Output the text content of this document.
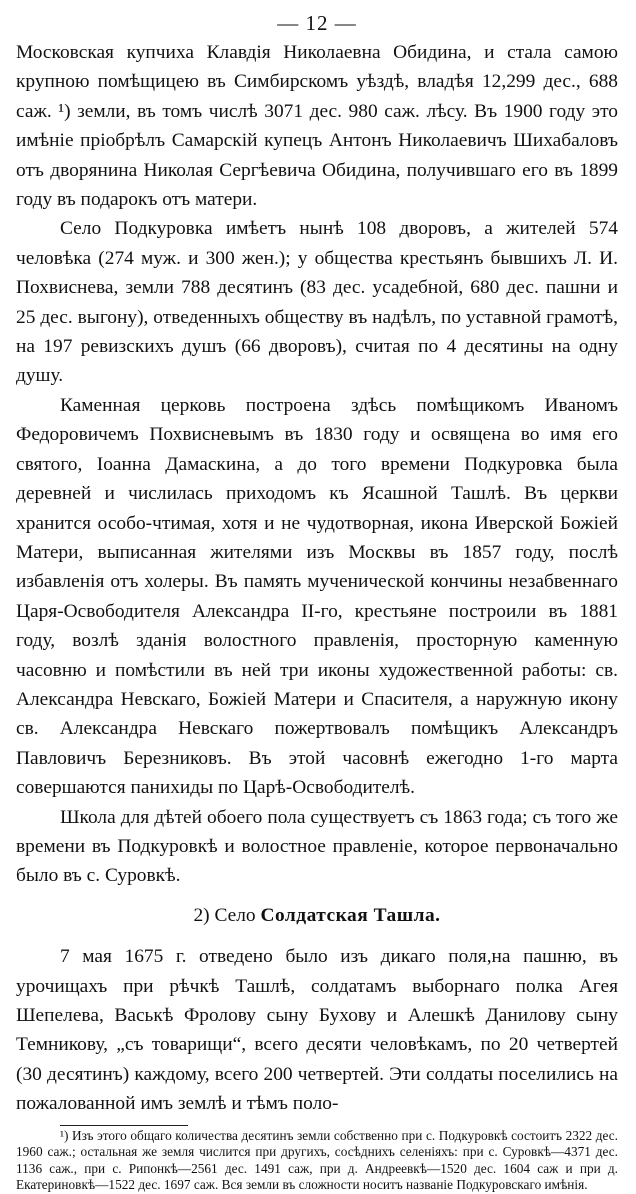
— 12 —

Московская купчиха Клавдія Николаевна Обидина, и стала самою крупною помѣщицею въ Симбирскомъ уѣздѣ, владѣя 12,299 дес., 688 саж. ¹) земли, въ томъ числѣ 3071 дес. 980 саж. лѣсу. Въ 1900 году это имѣніе пріобрѣлъ Самарскій купецъ Антонъ Николаевичъ Шихабаловъ отъ дворянина Николая Сергѣевича Обидина, получившаго его въ 1899 году въ подарокъ отъ матери.

Село Подкуровка имѣетъ нынѣ 108 дворовъ, а жителей 574 человѣка (274 муж. и 300 жен.); у общества крестьянъ бывшихъ Л. И. Похвиснева, земли 788 десятинъ (83 дес. усадебной, 680 дес. пашни и 25 дес. выгону), отведенныхъ обществу въ надѣлъ, по уставной грамотѣ, на 197 ревизскихъ душъ (66 дворовъ), считая по 4 десятины на одну душу.

Каменная церковь построена здѣсь помѣщикомъ Иваномъ Федоровичемъ Похвисневымъ въ 1830 году и освящена во имя его святого, Іоанна Дамаскина, а до того времени Подкуровка была деревней и числилась приходомъ къ Ясашной Ташлѣ. Въ церкви хранится особо-чтимая, хотя и не чудотворная, икона Иверской Божіей Матери, выписанная жителями изъ Москвы въ 1857 году, послѣ избавленія отъ холеры. Въ память мученической кончины незабвеннаго Царя-Освободителя Александра II-го, крестьяне построили въ 1881 году, возлѣ зданія волостного правленія, просторную каменную часовню и помѣстили въ ней три иконы художественной работы: св. Александра Невскаго, Божіей Матери и Спасителя, а наружную икону св. Александра Невскаго пожертвовалъ помѣщикъ Александръ Павловичъ Березниковъ. Въ этой часовнѣ ежегодно 1-го марта совершаются панихиды по Царѣ-Освободителѣ.

Школа для дѣтей обоего пола существуетъ съ 1863 года; съ того же времени въ Подкуровкѣ и волостное правленіе, которое первоначально было въ с. Суровкѣ.

2) Село Солдатская Ташла.

7 мая 1675 г. отведено было изъ дикаго поля,на пашню, въ урочищахъ при рѣчкѣ Ташлѣ, солдатамъ выборнаго полка Агея Шепелева, Васькѣ Фролову сыну Бухову и Алешкѣ Данилову сыну Темникову, „съ товарищи“, всего десяти человѣкамъ, по 20 четвертей (30 десятинъ) каждому, всего 200 четвертей. Эти солдаты поселились на пожалованной имъ землѣ и тѣмъ поло-

¹) Изъ этого общаго количества десятинъ земли собственно при с. Подкуровкѣ состоитъ 2322 дес. 1960 саж.; остальная же земля числится при другихъ, сосѣднихъ селеніяхъ: при с. Суровкѣ—4371 дес. 1136 саж., при с. Рипонкѣ—2561 дес. 1491 саж, при д. Андреевкѣ—1520 дес. 1604 саж и при д. Екатериновкѣ—1522 дес. 1697 саж. Вся земли въ сложности носитъ названіе Подкуровскаго имѣнія.
